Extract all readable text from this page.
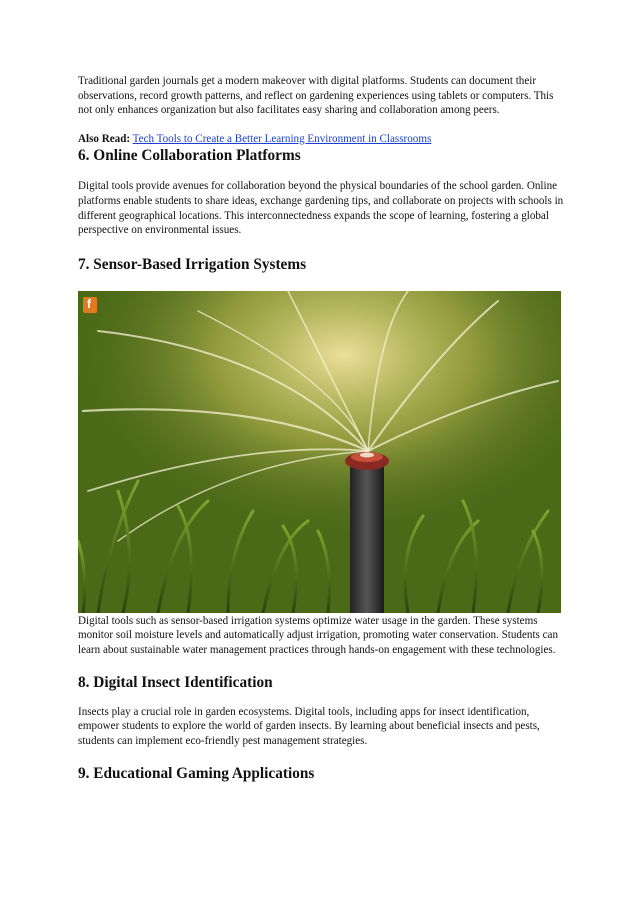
Traditional garden journals get a modern makeover with digital platforms. Students can document their observations, record growth patterns, and reflect on gardening experiences using tablets or computers. This not only enhances organization but also facilitates easy sharing and collaboration among peers.

Also Read: Tech Tools to Create a Better Learning Environment in Classrooms

6. Online Collaboration Platforms

Digital tools provide avenues for collaboration beyond the physical boundaries of the school garden. Online platforms enable students to share ideas, exchange gardening tips, and collaborate on projects with schools in different geographical locations. This interconnectedness expands the scope of learning, fostering a global perspective on environmental issues.

7. Sensor-Based Irrigation Systems
f

Digital tools such as sensor-based irrigation systems optimize water usage in the garden. These systems monitor soil moisture levels and automatically adjust irrigation, promoting water conservation. Students can learn about sustainable water management practices through hands-on engagement with these technologies.

8. Digital Insect Identification

Insects play a crucial role in garden ecosystems. Digital tools, including apps for insect identification, empower students to explore the world of garden insects. By learning about beneficial insects and pests, students can implement eco-friendly pest management strategies.

9. Educational Gaming Applications
